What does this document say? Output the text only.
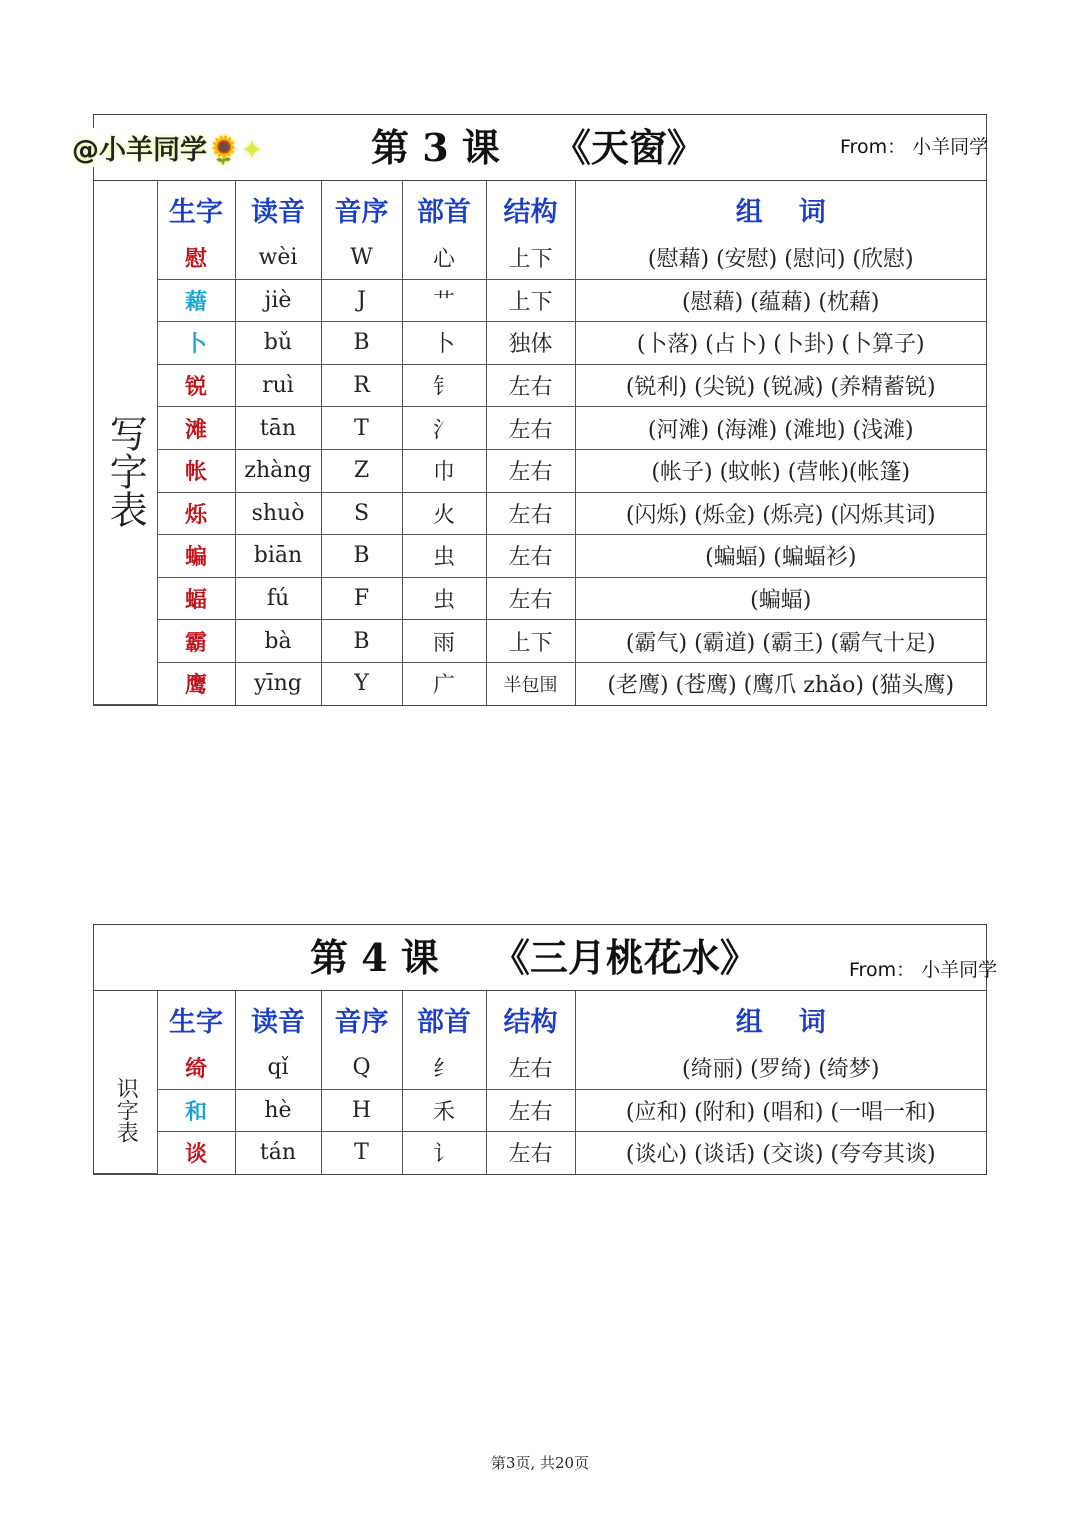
@小羊同学🌻✦	第 3 课    《天窗》	From： 小羊同学
	生字	读音	音序	部首	结构	组词

写字表	慰	wèi	W	心	上下	(慰藉) (安慰) (慰问) (欣慰)
	藉	jiè	J	艹	上下	(慰藉) (蕴藉) (枕藉)
	卜	bǔ	B	卜	独体	(卜落) (占卜) (卜卦) (卜算子)
	锐	ruì	R	钅	左右	(锐利) (尖锐) (锐减) (养精蓄锐)
	滩	tān	T	氵	左右	(河滩) (海滩) (滩地) (浅滩)
	帐	zhàng	Z	巾	左右	(帐子) (蚊帐) (营帐)(帐篷)
	烁	shuò	S	火	左右	(闪烁) (烁金) (烁亮) (闪烁其词)
	蝙	biān	B	虫	左右	(蝙蝠) (蝙蝠衫)
	蝠	fú	F	虫	左右	(蝙蝠)
	霸	bà	B	雨	上下	(霸气) (霸道) (霸王) (霸气十足)
	鹰	yīng	Y	广	半包围	(老鹰) (苍鹰) (鹰爪 zhǎo) (猫头鹰)
第 4 课    《三月桃花水》	From： 小羊同学
	生字	读音	音序	部首	结构	组词

识字表	绮	qǐ	Q	纟	左右	(绮丽) (罗绮) (绮梦)
	和	hè	H	禾	左右	(应和) (附和) (唱和) (一唱一和)
	谈	tán	T	讠	左右	(谈心) (谈话) (交谈) (夸夸其谈)
第3页, 共20页
